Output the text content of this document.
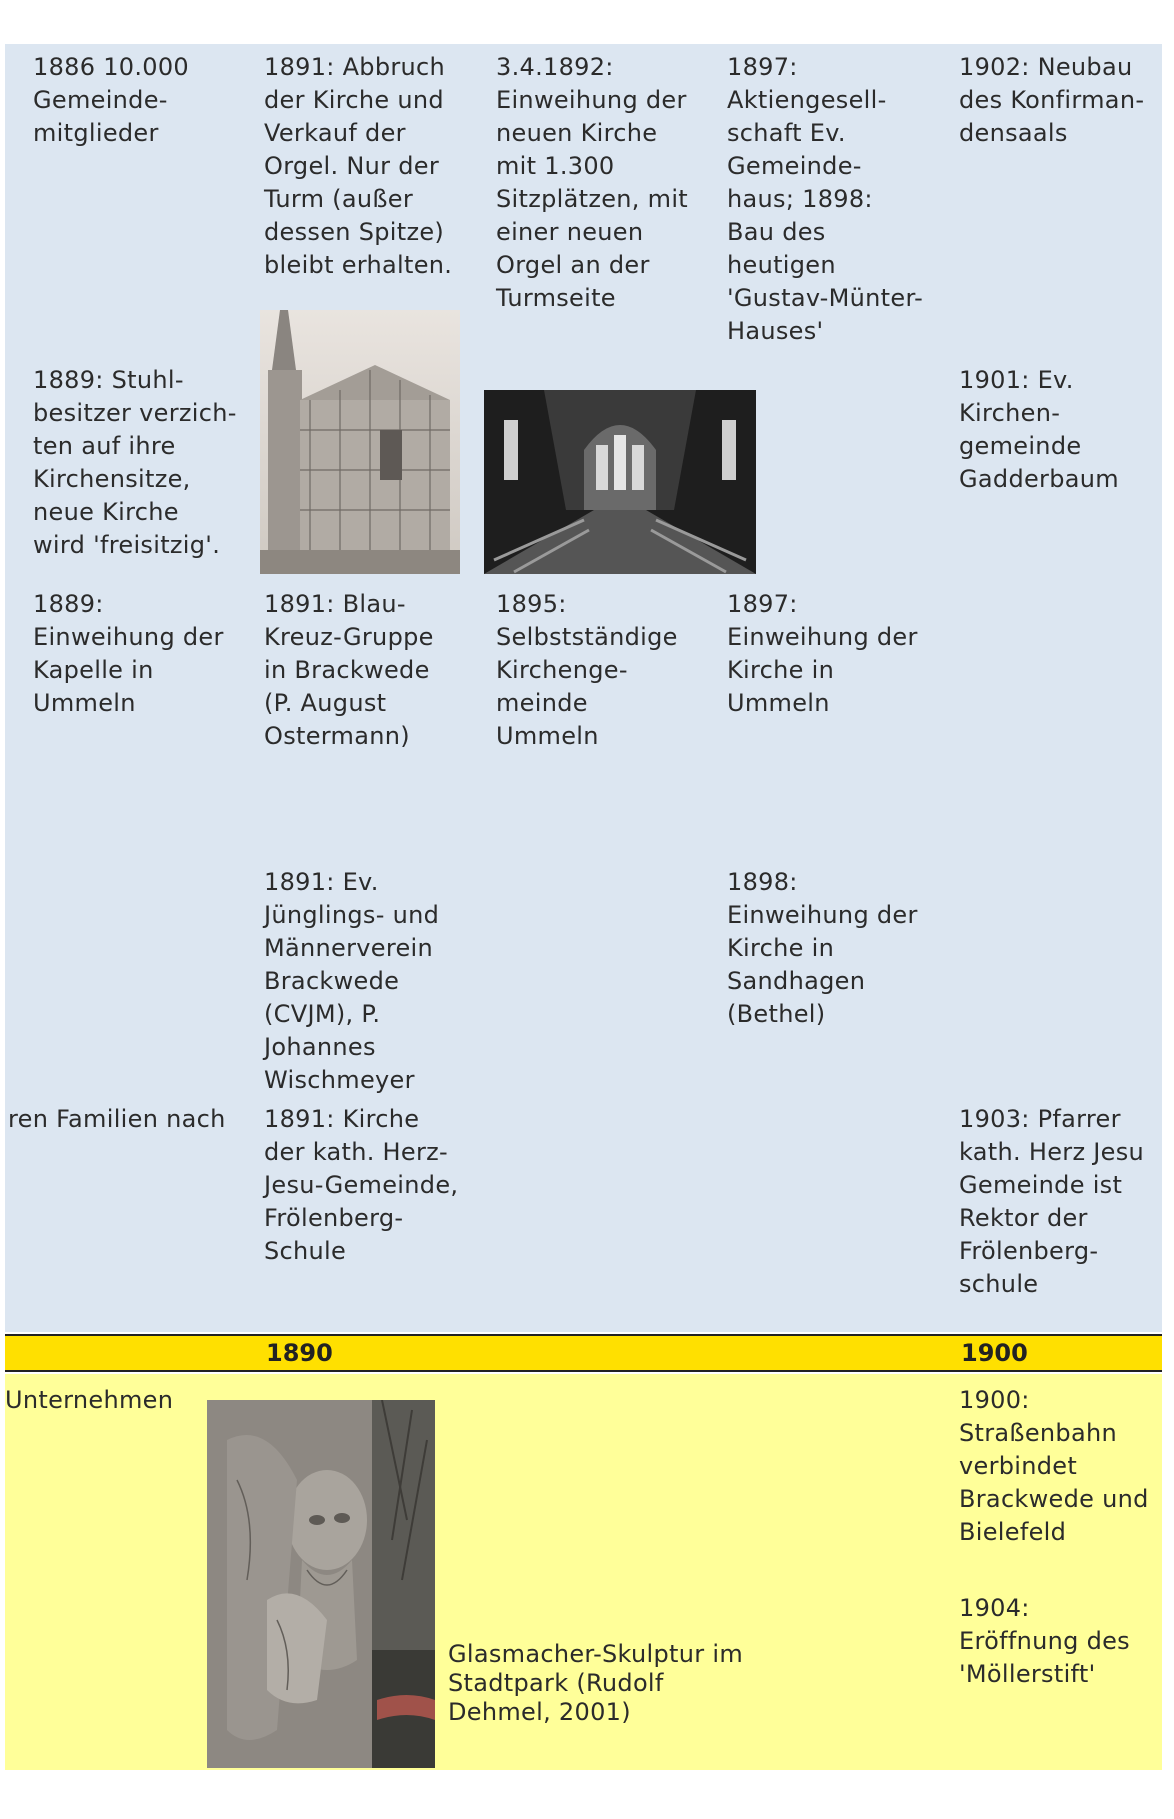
1886 10.000
Gemeinde-
mitglieder
1891: Abbruch
der Kirche und
Verkauf der
Orgel. Nur der
Turm (außer
dessen Spitze)
bleibt erhalten.
3.4.1892:
Einweihung der
neuen Kirche
mit 1.300
Sitzplätzen, mit
einer neuen
Orgel an der
Turmseite
1897:
Aktiengesell-
schaft Ev.
Gemeinde-
haus; 1898:
Bau des
heutigen
'Gustav-Münter-
Hauses'
1902: Neubau
des Konfirman-
densaals
1889: Stuhl-
besitzer verzich-
ten auf ihre
Kirchensitze,
neue Kirche
wird 'freisitzig'.
1901: Ev.
Kirchen-
gemeinde
Gadderbaum
1889:
Einweihung der
Kapelle in
Ummeln
1891: Blau-
Kreuz-Gruppe
in Brackwede
(P. August
Ostermann)
1895:
Selbstständige
Kirchenge-
meinde
Ummeln
1897:
Einweihung der
Kirche in
Ummeln
1891: Ev.
Jünglings- und
Männerverein
Brackwede
(CVJM), P.
Johannes
Wischmeyer
1898:
Einweihung der
Kirche in
Sandhagen
(Bethel)
ren Familien nach 1891: Kirche
der kath. Herz-
Jesu-Gemeinde,
Frölenberg-
Schule
1903: Pfarrer
kath. Herz Jesu
Gemeinde ist
Rektor der
Frölenberg-
schule
1890	1900
Unternehmen
Glasmacher-Skulptur im
Stadtpark (Rudolf
Dehmel, 2001)
1900:
Straßenbahn
verbindet
Brackwede und
Bielefeld
1904:
Eröffnung des
'Möllerstift'
